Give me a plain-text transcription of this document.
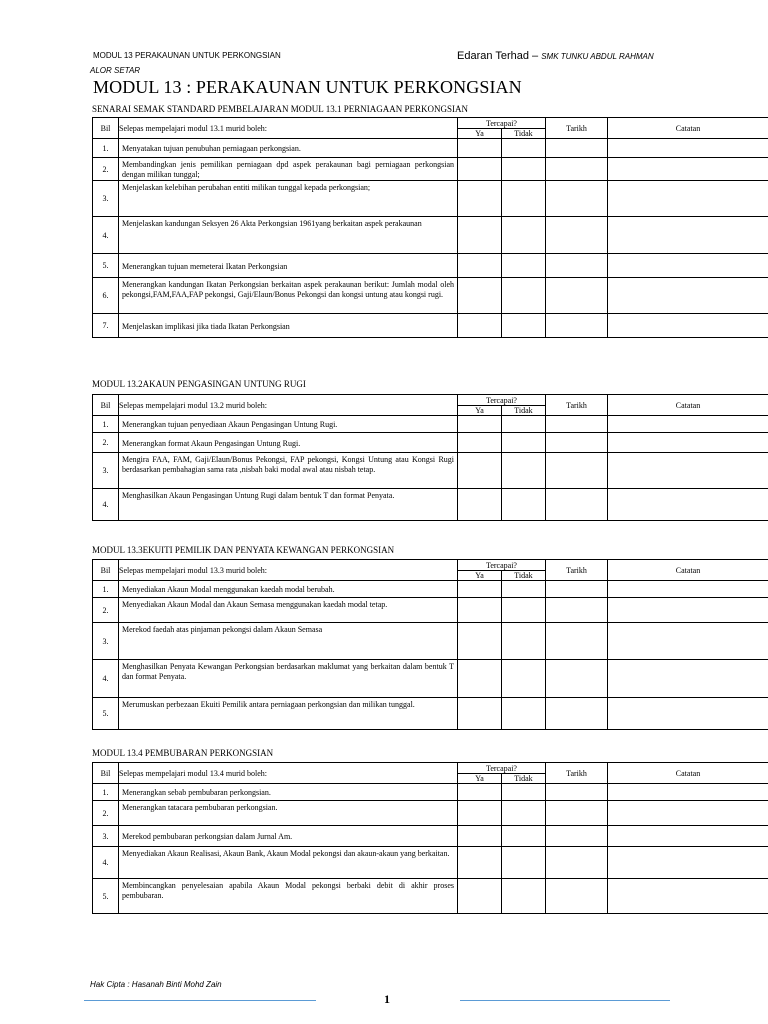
MODUL 13 PERAKAUNAN UNTUK PERKONGSIAN
ALOR SETAR
Edaran Terhad – SMK TUNKU ABDUL RAHMAN
MODUL 13 : PERAKAUNAN UNTUK PERKONGSIAN
SENARAI SEMAK STANDARD PEMBELAJARAN MODUL 13.1 PERNIAGAAN PERKONGSIAN
Bil	Selepas mempelajari modul 13.1 murid boleh:	Tercapai?		Tarikh	Catatan
		Ya	Tidak		
1.	Menyatakan tujuan penubuhan perniagaan perkongsian.				
2.	Membandingkan jenis pemilikan perniagaan dpd aspek perakaunan bagi perniagaan perkongsian dengan milikan tunggal;				
3.	Menjelaskan kelebihan perubahan entiti milikan tunggal kepada perkongsian;				
4.	Menjelaskan kandungan Seksyen 26 Akta Perkongsian 1961yang berkaitan aspek perakaunan				
5.	Menerangkan tujuan memeterai Ikatan Perkongsian				
6.	Menerangkan kandungan Ikatan Perkongsian berkaitan aspek perakaunan berikut: Jumlah modal oleh pekongsi,FAM,FAA,FAP pekongsi, Gaji/Elaun/Bonus Pekongsi dan kongsi untung atau kongsi rugi.				
7.	Menjelaskan implikasi jika tiada Ikatan Perkongsian				
MODUL 13.2AKAUN PENGASINGAN UNTUNG RUGI
Bil	Selepas mempelajari modul 13.2 murid boleh:	Tercapai?		Tarikh	Catatan
		Ya	Tidak		
1.	Menerangkan tujuan penyediaan Akaun Pengasingan Untung Rugi.				
2.	Menerangkan format Akaun Pengasingan Untung Rugi.				
3.	Mengira FAA, FAM, Gaji/Elaun/Bonus Pekongsi, FAP pekongsi, Kongsi Untung atau Kongsi Rugi berdasarkan pembahagian sama rata ,nisbah baki modal awal atau nisbah tetap.				
4.	Menghasilkan Akaun Pengasingan Untung Rugi dalam bentuk T dan format Penyata.				
MODUL 13.3EKUITI PEMILIK DAN PENYATA KEWANGAN PERKONGSIAN
Bil	Selepas mempelajari modul 13.3 murid boleh:	Tercapai?		Tarikh	Catatan
		Ya	Tidak		
1.	Menyediakan Akaun Modal menggunakan kaedah modal berubah.				
2.	Menyediakan Akaun Modal dan Akaun Semasa menggunakan kaedah modal tetap.				
3.	Merekod faedah atas pinjaman pekongsi dalam Akaun Semasa				
4.	Menghasilkan Penyata Kewangan Perkongsian berdasarkan maklumat yang berkaitan dalam bentuk T dan format Penyata.				
5.	Merumuskan perbezaan Ekuiti Pemilik antara perniagaan perkongsian dan milikan tunggal.				
MODUL 13.4 PEMBUBARAN PERKONGSIAN
Bil	Selepas mempelajari modul 13.4 murid boleh:	Tercapai?		Tarikh	Catatan
		Ya	Tidak		
1.	Menerangkan sebab pembubaran perkongsian.				
2.	Menerangkan tatacara pembubaran perkongsian.				
3.	Merekod pembubaran perkongsian dalam Jurnal Am.				
4.	Menyediakan Akaun Realisasi, Akaun Bank, Akaun Modal pekongsi dan akaun-akaun yang berkaitan.				
5.	Membincangkan penyelesaian apabila Akaun Modal pekongsi berbaki debit di akhir proses pembubaran.				
Hak Cipta : Hasanah Binti Mohd Zain
1
